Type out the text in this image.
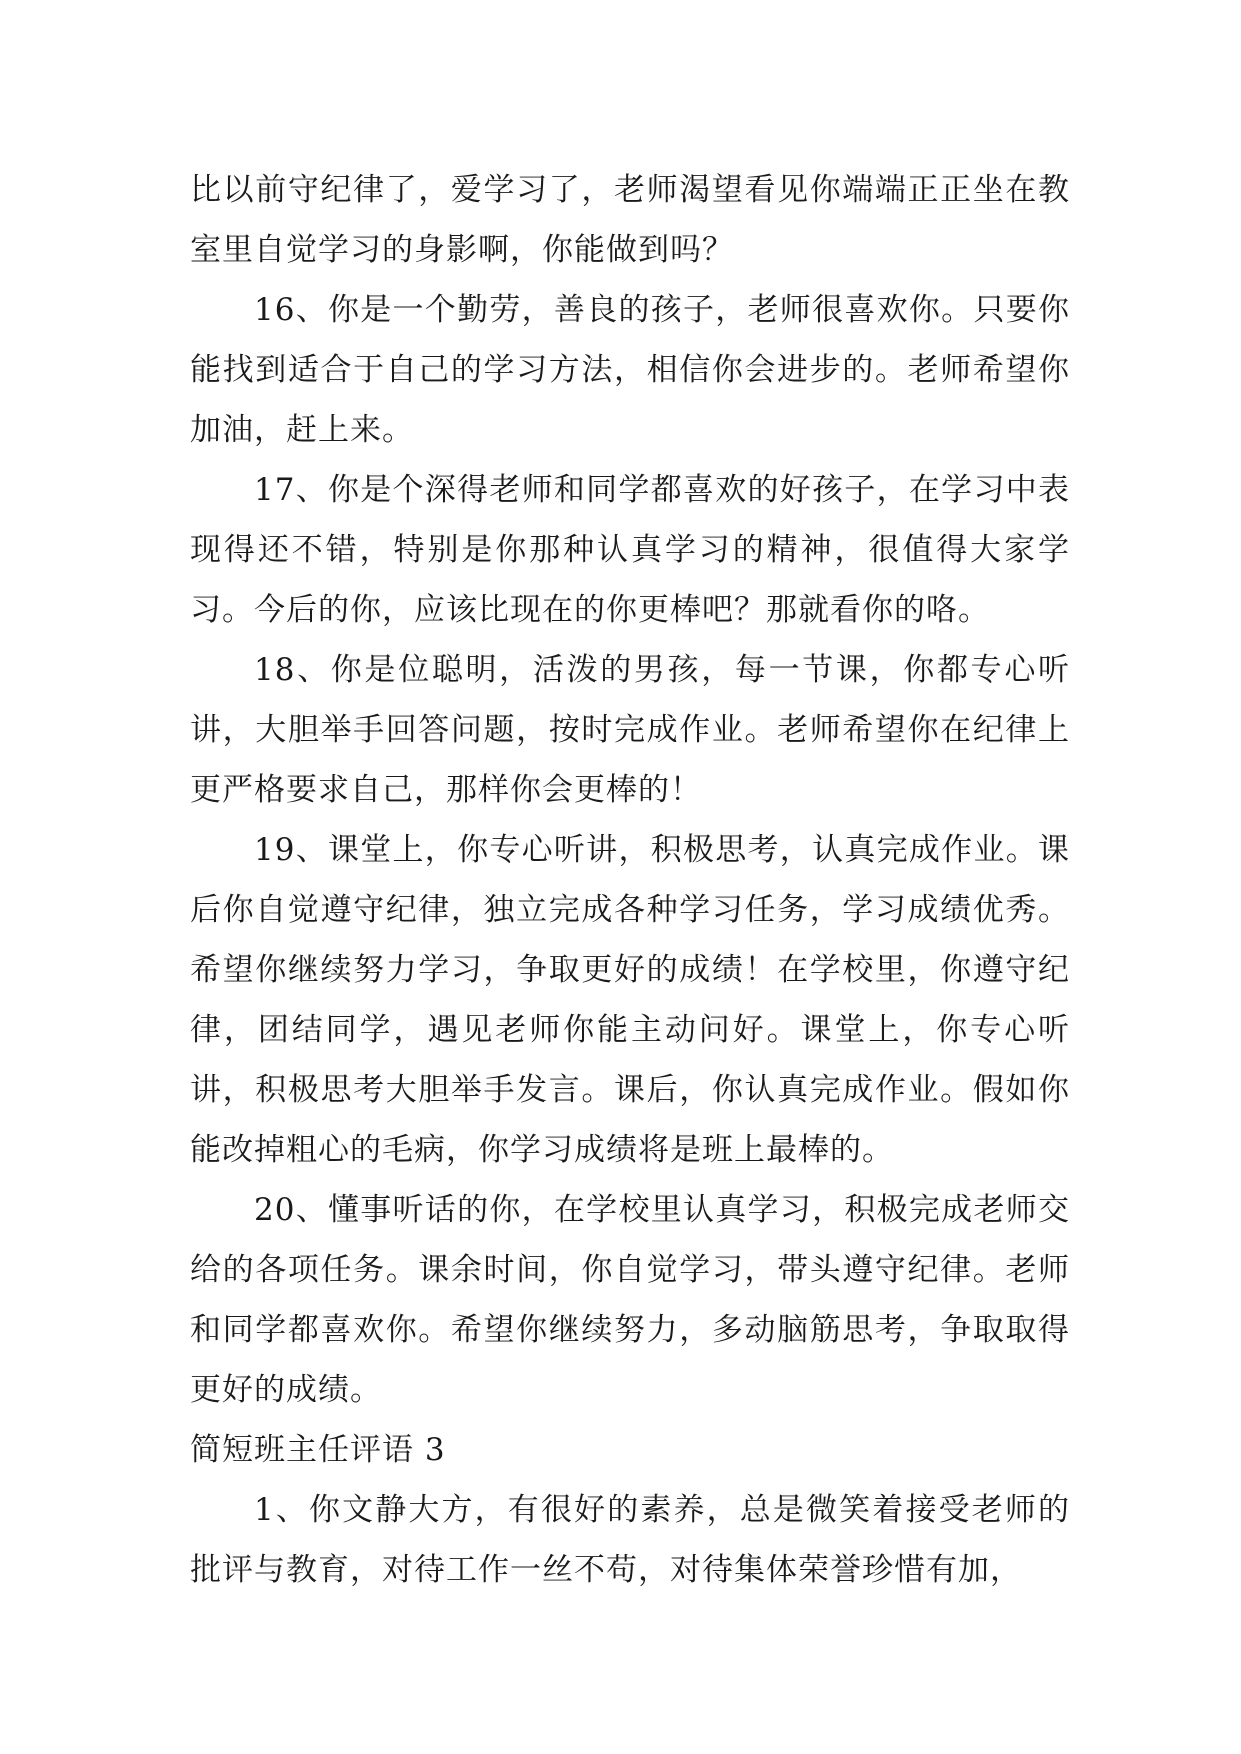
比以前守纪律了，爱学习了，老师渴望看见你端端正正坐在教室里自觉学习的身影啊，你能做到吗？

16、你是一个勤劳，善良的孩子，老师很喜欢你。只要你能找到适合于自己的学习方法，相信你会进步的。老师希望你加油，赶上来。

17、你是个深得老师和同学都喜欢的好孩子，在学习中表现得还不错，特别是你那种认真学习的精神，很值得大家学习。今后的你，应该比现在的你更棒吧？那就看你的咯。

18、你是位聪明，活泼的男孩，每一节课，你都专心听讲，大胆举手回答问题，按时完成作业。老师希望你在纪律上更严格要求自己，那样你会更棒的！

19、课堂上，你专心听讲，积极思考，认真完成作业。课后你自觉遵守纪律，独立完成各种学习任务，学习成绩优秀。希望你继续努力学习，争取更好的成绩！在学校里，你遵守纪律，团结同学，遇见老师你能主动问好。课堂上，你专心听讲，积极思考大胆举手发言。课后，你认真完成作业。假如你能改掉粗心的毛病，你学习成绩将是班上最棒的。

20、懂事听话的你，在学校里认真学习，积极完成老师交给的各项任务。课余时间，你自觉学习，带头遵守纪律。老师和同学都喜欢你。希望你继续努力，多动脑筋思考，争取取得更好的成绩。

简短班主任评语 3

1、你文静大方，有很好的素养，总是微笑着接受老师的批评与教育，对待工作一丝不苟，对待集体荣誉珍惜有加，
